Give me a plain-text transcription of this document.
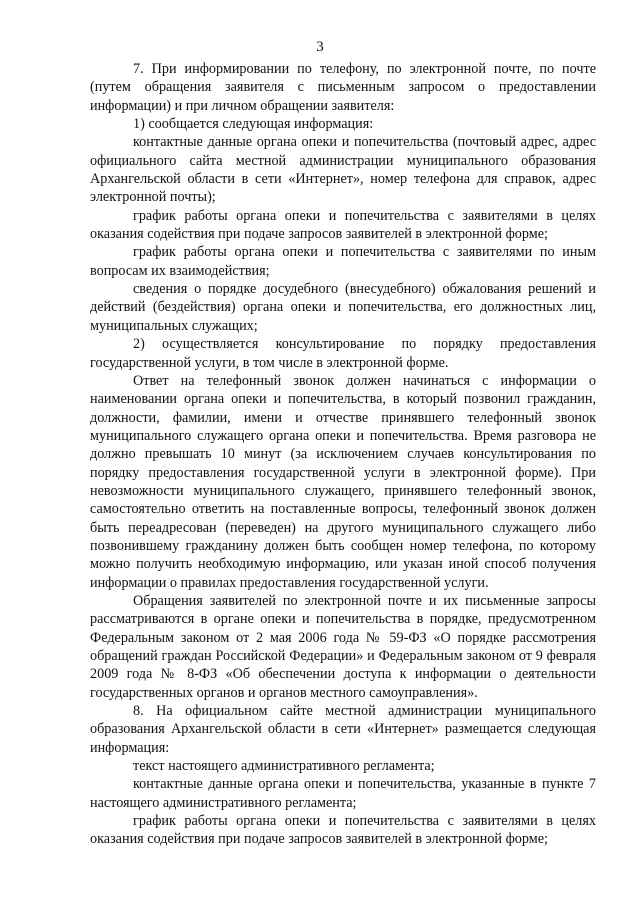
3

7. При информировании по телефону, по электронной почте, по почте (путем обращения заявителя с письменным запросом о предоставлении информации) и при личном обращении заявителя:

1) сообщается следующая информация:

контактные данные органа опеки и попечительства (почтовый адрес, адрес официального сайта местной администрации муниципального образования Архангельской области в сети «Интернет», номер телефона для справок, адрес электронной почты);

график работы органа опеки и попечительства с заявителями в целях оказания содействия при подаче запросов заявителей в электронной форме;

график работы органа опеки и попечительства с заявителями по иным вопросам их взаимодействия;

сведения о порядке досудебного (внесудебного) обжалования решений и действий (бездействия) органа опеки и попечительства, его должностных лиц, муниципальных служащих;

2) осуществляется консультирование по порядку предоставления государственной услуги, в том числе в электронной форме.

Ответ на телефонный звонок должен начинаться с информации о наименовании органа опеки и попечительства, в который позвонил гражданин, должности, фамилии, имени и отчестве принявшего телефонный звонок муниципального служащего органа опеки и попечительства. Время разговора не должно превышать 10 минут (за исключением случаев консультирования по порядку предоставления государственной услуги в электронной форме). При невозможности муниципального служащего, принявшего телефонный звонок, самостоятельно ответить на поставленные вопросы, телефонный звонок должен быть переадресован (переведен) на другого муниципального служащего либо позвонившему гражданину должен быть сообщен номер телефона, по которому можно получить необходимую информацию, или указан иной способ получения информации о правилах предоставления государственной услуги.

Обращения заявителей по электронной почте и их письменные запросы рассматриваются в органе опеки и попечительства в порядке, предусмотренном Федеральным законом от 2 мая 2006 года № 59-ФЗ «О порядке рассмотрения обращений граждан Российской Федерации» и Федеральным законом от 9 февраля 2009 года № 8-ФЗ «Об обеспечении доступа к информации о деятельности государственных органов и органов местного самоуправления».

8. На официальном сайте местной администрации муниципального образования Архангельской области в сети «Интернет» размещается следующая информация:

текст настоящего административного регламента;

контактные данные органа опеки и попечительства, указанные в пункте 7 настоящего административного регламента;

график работы органа опеки и попечительства с заявителями в целях оказания содействия при подаче запросов заявителей в электронной форме;
